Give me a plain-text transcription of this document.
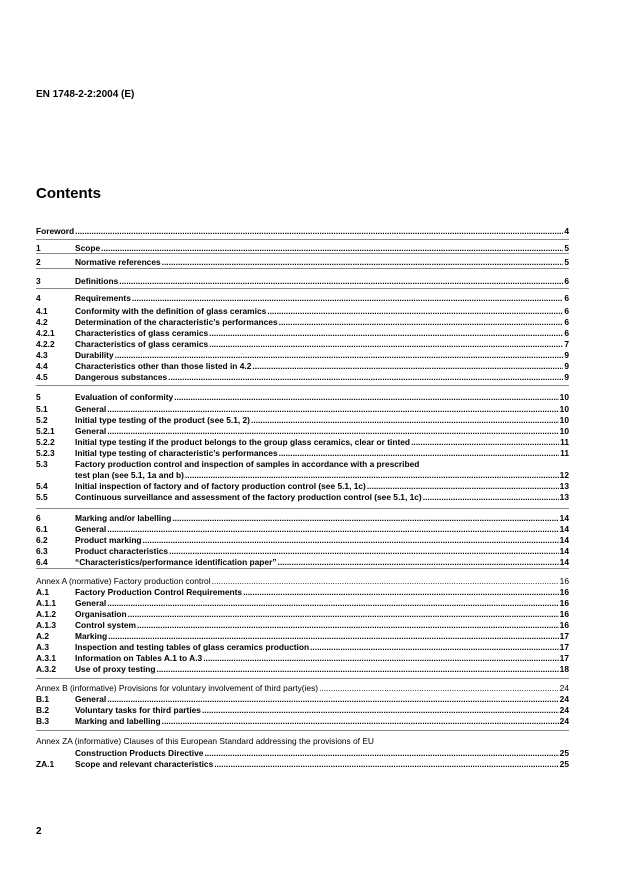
EN 1748-2-2:2004 (E)
Contents
Foreword .....	4
1	Scope .....	5
2	Normative references .....	5
3	Definitions .....	6
4	Requirements .....	6
4.1	Conformity with the definition of glass ceramics .....	6
4.2	Determination of the characteristic’s performances .....	6
4.2.1 Characteristics of glass ceramics .....	6
4.2.2 Characteristics of glass ceramics .....	7
4.3	Durability .....	9
4.4	Characteristics other than those listed in 4.2 .....	9
4.5	Dangerous substances .....	9
5	Evaluation of conformity .....	10
5.1	General .....	10
5.2	Initial type testing of the product (see 5.1, 2) .....	10
5.2.1 General .....	10
5.2.2 Initial type testing if the product belongs to the group glass ceramics, clear or tinted .....	11
5.2.3 Initial type testing of characteristic’s performances .....	11
5.3	Factory production control and inspection of samples in accordance with a prescribed
test plan (see 5.1, 1a and b) .....	12
5.4	Initial inspection of factory and of factory production control (see 5.1, 1c) .....	13
5.5	Continuous surveillance and assessment of the factory production control (see 5.1, 1c) .....	13
6	Marking and/or labelling .....	14
6.1	General .....	14
6.2	Product marking .....	14
6.3	Product characteristics .....	14
6.4	“Characteristics/performance identification paper” .....	14
Annex A (normative) Factory production control .....	16
A.1	Factory Production Control Requirements .....	16
A.1.1 General .....	16
A.1.2 Organisation .....	16
A.1.3 Control system .....	16
A.2	Marking .....	17
A.3	Inspection and testing tables of glass ceramics production .....	17
A.3.1 Information on Tables A.1 to A.3 .....	17
A.3.2 Use of proxy testing .....	18
Annex B (informative) Provisions for voluntary involvement of third party(ies) .....	24
B.1	General .....	24
B.2	Voluntary tasks for third parties .....	24
B.3	Marking and labelling .....	24
Annex ZA (informative) Clauses of this European Standard addressing the provisions of EU
Construction Products Directive .....	25
ZA.1 Scope and relevant characteristics .....	25
2
